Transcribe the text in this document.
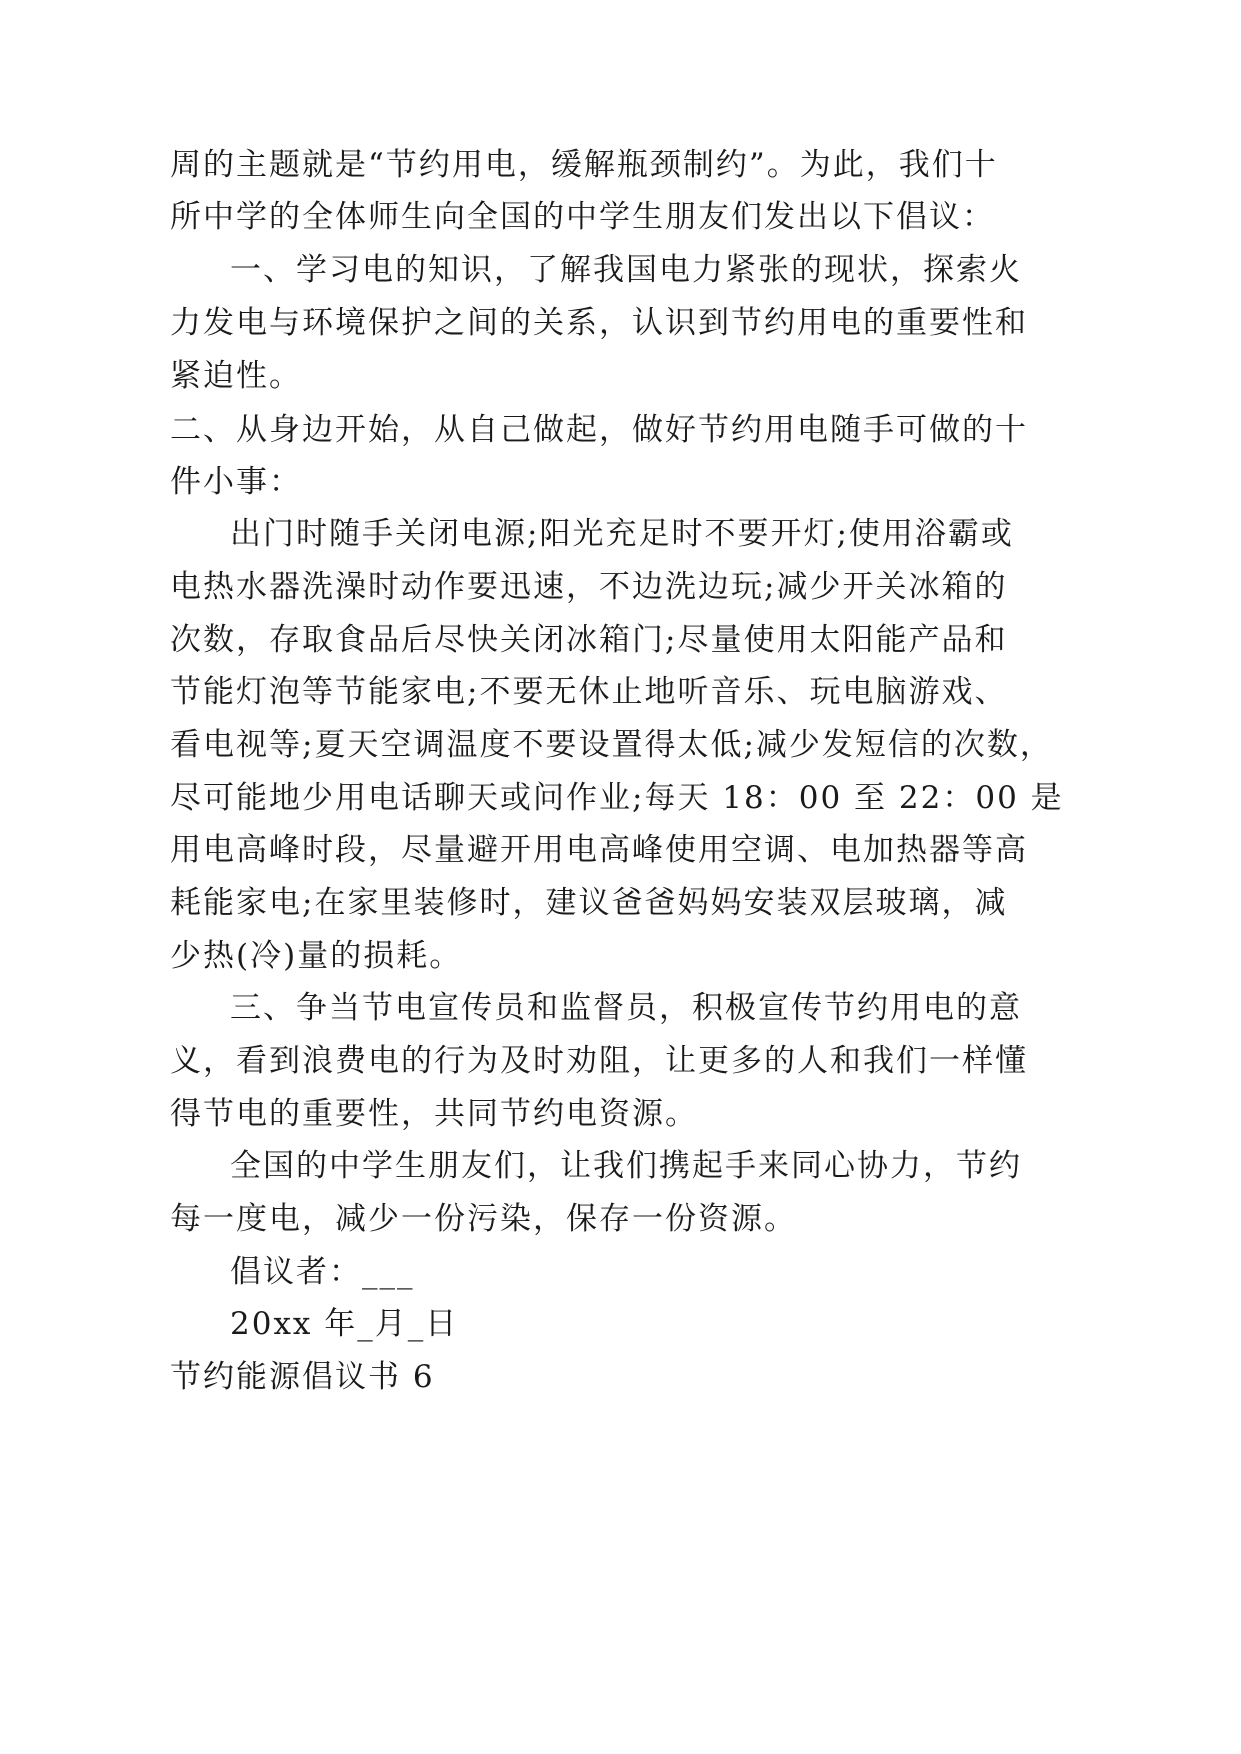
周的主题就是“节约用电，缓解瓶颈制约”。为此，我们十
所中学的全体师生向全国的中学生朋友们发出以下倡议：
一、学习电的知识，了解我国电力紧张的现状，探索火
力发电与环境保护之间的关系，认识到节约用电的重要性和
紧迫性。
二、从身边开始，从自己做起，做好节约用电随手可做的十
件小事：
出门时随手关闭电源;阳光充足时不要开灯;使用浴霸或
电热水器洗澡时动作要迅速，不边洗边玩;减少开关冰箱的
次数，存取食品后尽快关闭冰箱门;尽量使用太阳能产品和
节能灯泡等节能家电;不要无休止地听音乐、玩电脑游戏、
看电视等;夏天空调温度不要设置得太低;减少发短信的次数，
尽可能地少用电话聊天或问作业;每天 18：00 至 22：00 是
用电高峰时段，尽量避开用电高峰使用空调、电加热器等高
耗能家电;在家里装修时，建议爸爸妈妈安装双层玻璃，减
少热(冷)量的损耗。
三、争当节电宣传员和监督员，积极宣传节约用电的意
义，看到浪费电的行为及时劝阻，让更多的人和我们一样懂
得节电的重要性，共同节约电资源。
全国的中学生朋友们，让我们携起手来同心协力，节约
每一度电，减少一份污染，保存一份资源。
倡议者：___
20xx 年_月_日
节约能源倡议书 6
